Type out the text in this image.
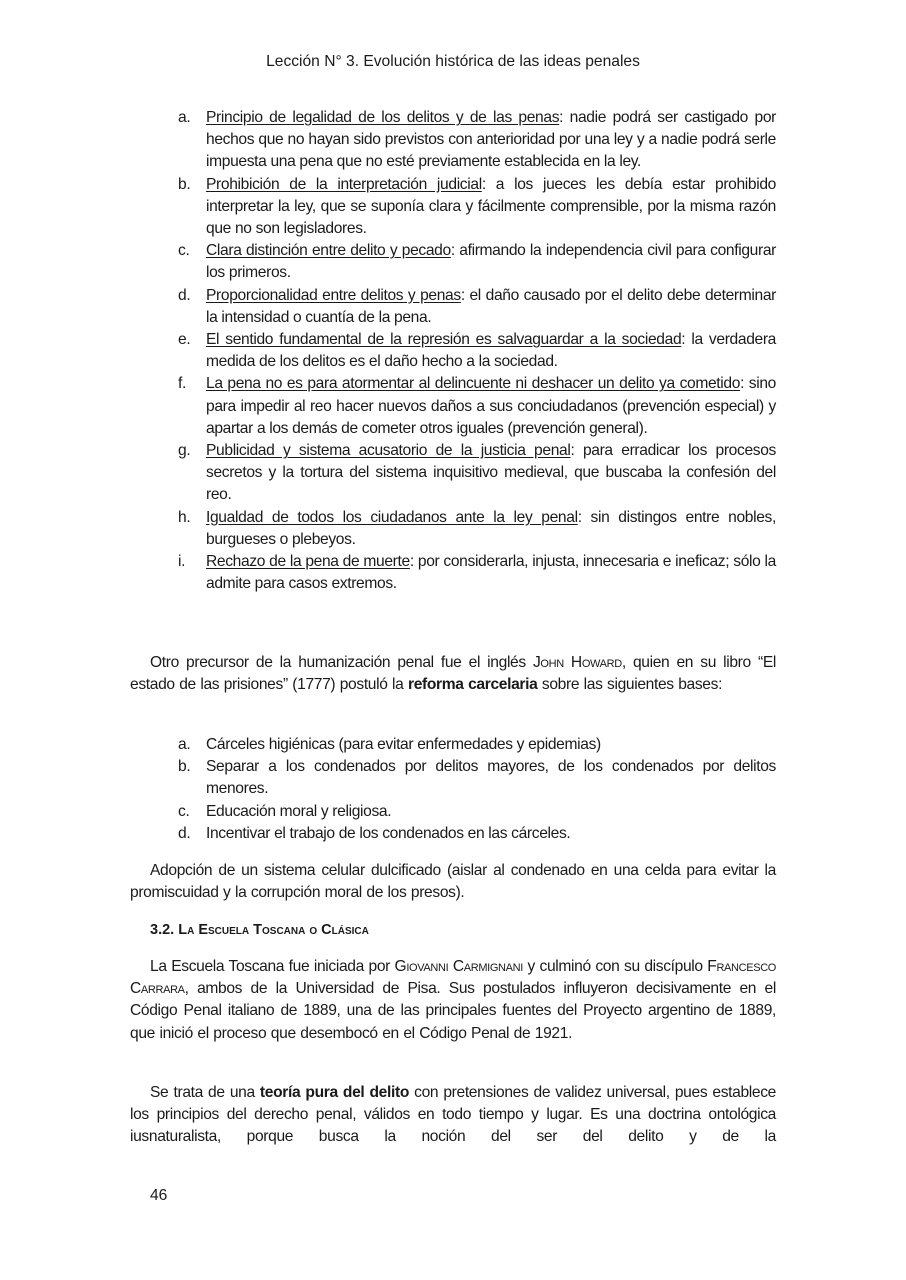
Lección N° 3. Evolución histórica de las ideas penales
a. Principio de legalidad de los delitos y de las penas: nadie podrá ser castigado por hechos que no hayan sido previstos con anterioridad por una ley y a nadie podrá serle impuesta una pena que no esté previamente establecida en la ley.
b. Prohibición de la interpretación judicial: a los jueces les debía estar prohibido interpretar la ley, que se suponía clara y fácilmente comprensible, por la misma razón que no son legisladores.
c. Clara distinción entre delito y pecado: afirmando la independencia civil para configurar los primeros.
d. Proporcionalidad entre delitos y penas: el daño causado por el delito debe determinar la intensidad o cuantía de la pena.
e. El sentido fundamental de la represión es salvaguardar a la sociedad: la verdadera medida de los delitos es el daño hecho a la sociedad.
f. La pena no es para atormentar al delincuente ni deshacer un delito ya cometido: sino para impedir al reo hacer nuevos daños a sus conciudadanos (prevención especial) y apartar a los demás de cometer otros iguales (prevención general).
g. Publicidad y sistema acusatorio de la justicia penal: para erradicar los procesos secretos y la tortura del sistema inquisitivo medieval, que buscaba la confesión del reo.
h. Igualdad de todos los ciudadanos ante la ley penal: sin distingos entre nobles, burgueses o plebeyos.
i. Rechazo de la pena de muerte: por considerarla, injusta, innecesaria e ineficaz; sólo la admite para casos extremos.

Otro precursor de la humanización penal fue el inglés John Howard, quien en su libro “El estado de las prisiones” (1777) postuló la reforma carcelaria sobre las siguientes bases:

a. Cárceles higiénicas (para evitar enfermedades y epidemias)
b. Separar a los condenados por delitos mayores, de los condenados por delitos menores.
c. Educación moral y religiosa.
d. Incentivar el trabajo de los condenados en las cárceles.

Adopción de un sistema celular dulcificado (aislar al condenado en una celda para evitar la promiscuidad y la corrupción moral de los presos).

3.2. La Escuela Toscana o Clásica

La Escuela Toscana fue iniciada por Giovanni Carmignani y culminó con su discípulo Francesco Carrara, ambos de la Universidad de Pisa. Sus postulados influyeron decisivamente en el Código Penal italiano de 1889, una de las principales fuentes del Proyecto argentino de 1889, que inició el proceso que desembocó en el Código Penal de 1921.

Se trata de una teoría pura del delito con pretensiones de validez universal, pues establece los principios del derecho penal, válidos en todo tiempo y lugar. Es una doctrina ontológica iusnaturalista, porque busca la noción del ser del delito y de la

46
